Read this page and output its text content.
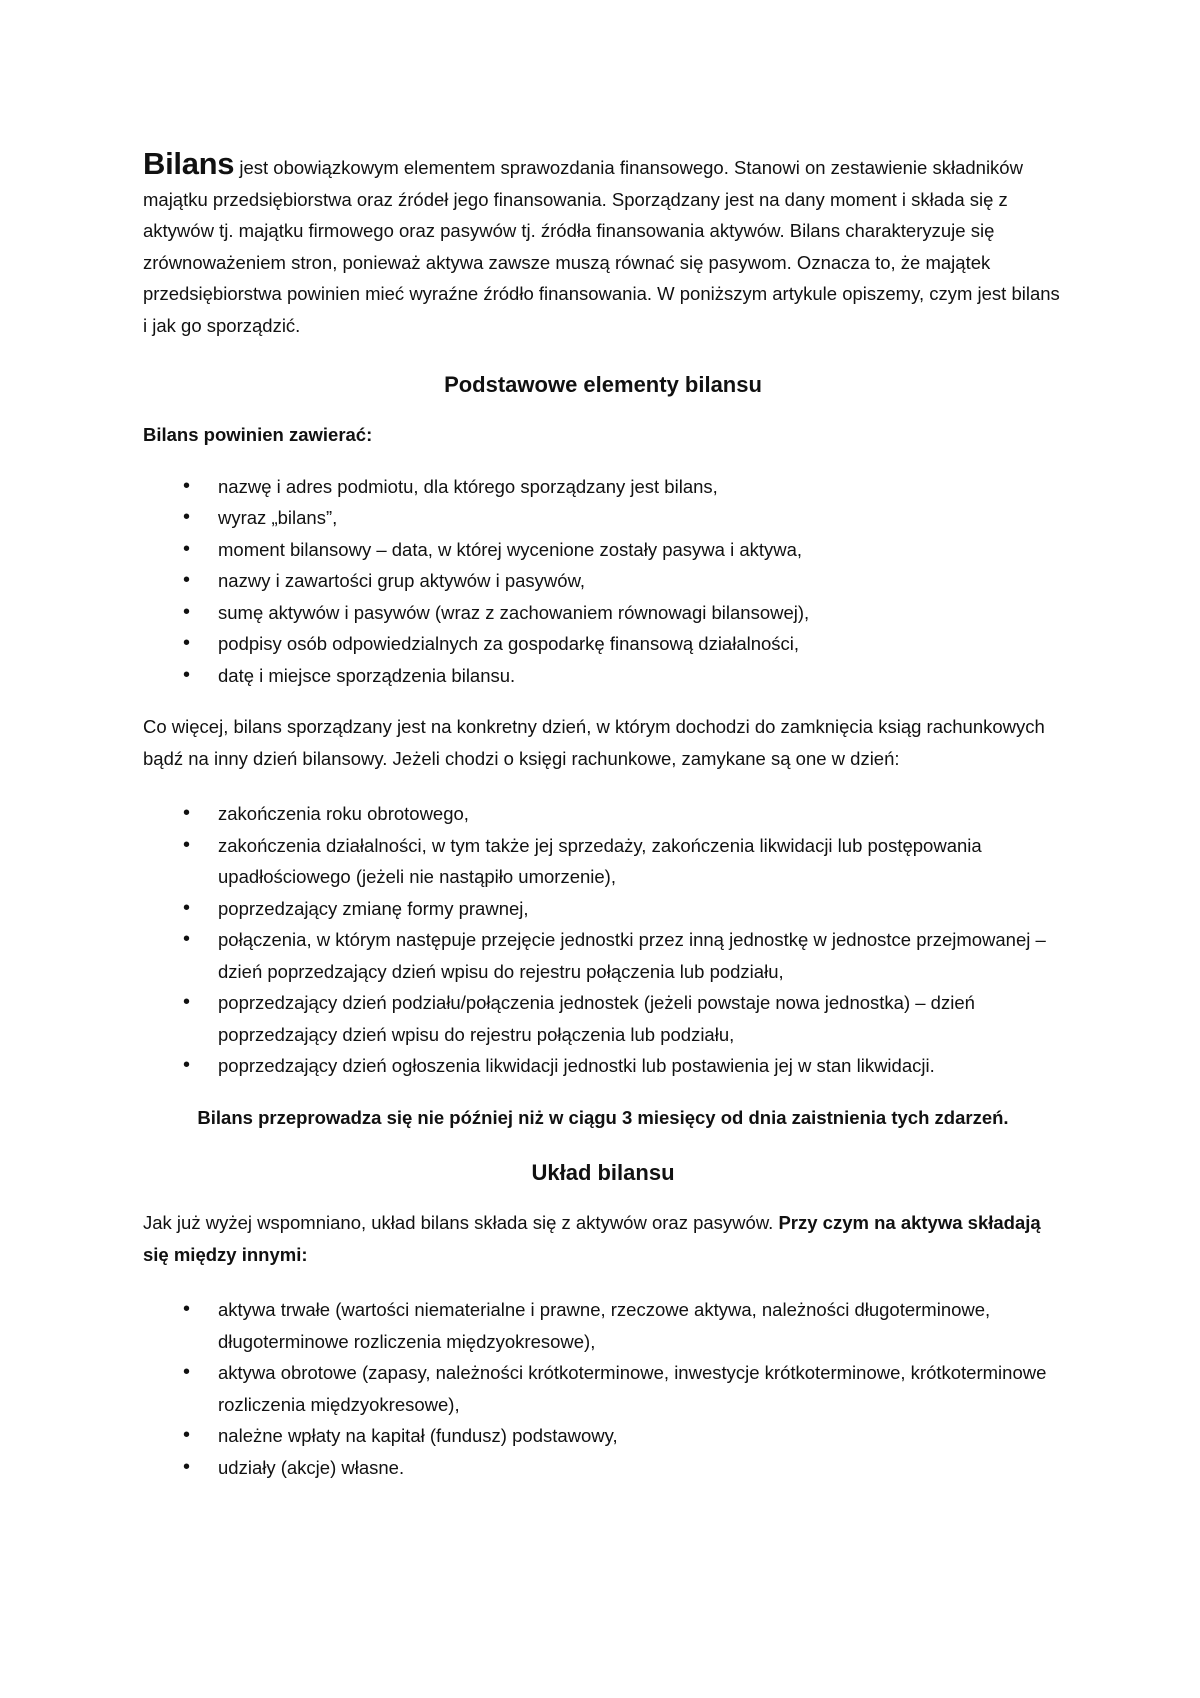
Bilans jest obowiązkowym elementem sprawozdania finansowego. Stanowi on zestawienie składników majątku przedsiębiorstwa oraz źródeł jego finansowania. Sporządzany jest na dany moment i składa się z aktywów tj. majątku firmowego oraz pasywów tj. źródła finansowania aktywów. Bilans charakteryzuje się zrównoważeniem stron, ponieważ aktywa zawsze muszą równać się pasywom. Oznacza to, że majątek przedsiębiorstwa powinien mieć wyraźne źródło finansowania. W poniższym artykule opiszemy, czym jest bilans i jak go sporządzić.

Podstawowe elementy bilansu

Bilans powinien zawierać:

• nazwę i adres podmiotu, dla którego sporządzany jest bilans,
• wyraz „bilans”,
• moment bilansowy – data, w której wycenione zostały pasywa i aktywa,
• nazwy i zawartości grup aktywów i pasywów,
• sumę aktywów i pasywów (wraz z zachowaniem równowagi bilansowej),
• podpisy osób odpowiedzialnych za gospodarkę finansową działalności,
• datę i miejsce sporządzenia bilansu.

Co więcej, bilans sporządzany jest na konkretny dzień, w którym dochodzi do zamknięcia ksiąg rachunkowych bądź na inny dzień bilansowy. Jeżeli chodzi o księgi rachunkowe, zamykane są one w dzień:

• zakończenia roku obrotowego,
• zakończenia działalności, w tym także jej sprzedaży, zakończenia likwidacji lub postępowania upadłościowego (jeżeli nie nastąpiło umorzenie),
• poprzedzający zmianę formy prawnej,
• połączenia, w którym następuje przejęcie jednostki przez inną jednostkę w jednostce przejmowanej – dzień poprzedzający dzień wpisu do rejestru połączenia lub podziału,
• poprzedzający dzień podziału/połączenia jednostek (jeżeli powstaje nowa jednostka) – dzień poprzedzający dzień wpisu do rejestru połączenia lub podziału,
• poprzedzający dzień ogłoszenia likwidacji jednostki lub postawienia jej w stan likwidacji.

Bilans przeprowadza się nie później niż w ciągu 3 miesięcy od dnia zaistnienia tych zdarzeń.

Układ bilansu

Jak już wyżej wspomniano, układ bilans składa się z aktywów oraz pasywów. Przy czym na aktywa składają się między innymi:

• aktywa trwałe (wartości niematerialne i prawne, rzeczowe aktywa, należności długoterminowe, długoterminowe rozliczenia międzyokresowe),
• aktywa obrotowe (zapasy, należności krótkoterminowe, inwestycje krótkoterminowe, krótkoterminowe rozliczenia międzyokresowe),
• należne wpłaty na kapitał (fundusz) podstawowy,
• udziały (akcje) własne.
